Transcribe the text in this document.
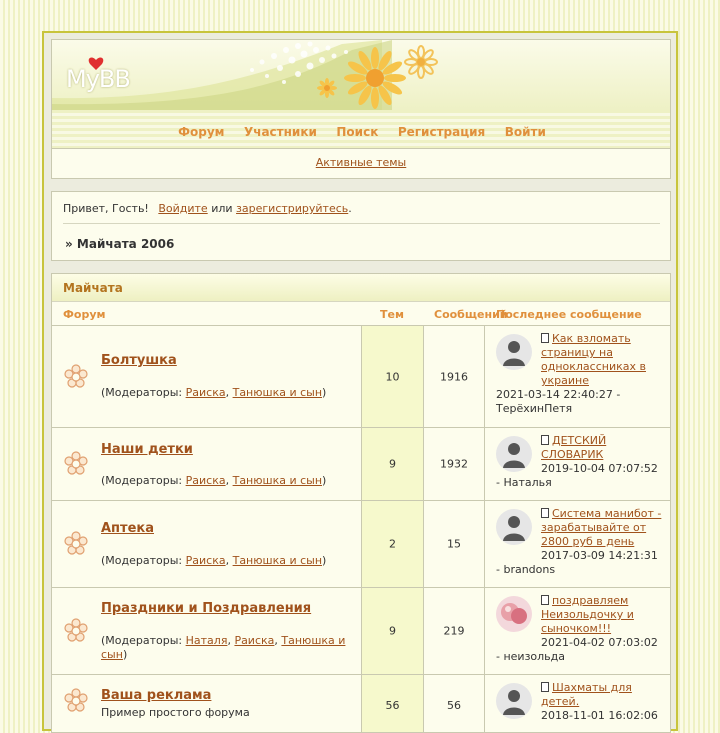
MyBB
Форум Участники Поиск Регистрация Войти
Активные темы
Привет, Гость! Войдите или зарегистрируйтесь.
» Майчата 2006
Майчата
Форум	Тем	Сообщений
Последнее сообщение
Болтушка
(Модераторы: Раиска, Танюшка и сын)
10	1916
Как взломать страницу на одноклассниках в украине
2021-03-14 22:40:27 -
ТерёхинПетя
Наши детки
(Модераторы: Раиска, Танюшка и сын)
9	1932
ДЕТСКИЙ СЛОВАРИК
2019-10-04 07:07:52
- Наталья
Аптека
(Модераторы: Раиска, Танюшка и сын)
2	15
Система манибот - зарабатывайте от 2800 руб в день
2017-03-09 14:21:31
- brandons
Праздники и Поздравления
(Модераторы: Наталя, Раиска, Танюшка и сын)
9	219
поздравляем Неизольдочку и сыночком!!!
2021-04-02 07:03:02
- неизольда
Ваша реклама
Пример простого форума
56	56
Шахматы для детей.
2018-11-01 16:02:06
